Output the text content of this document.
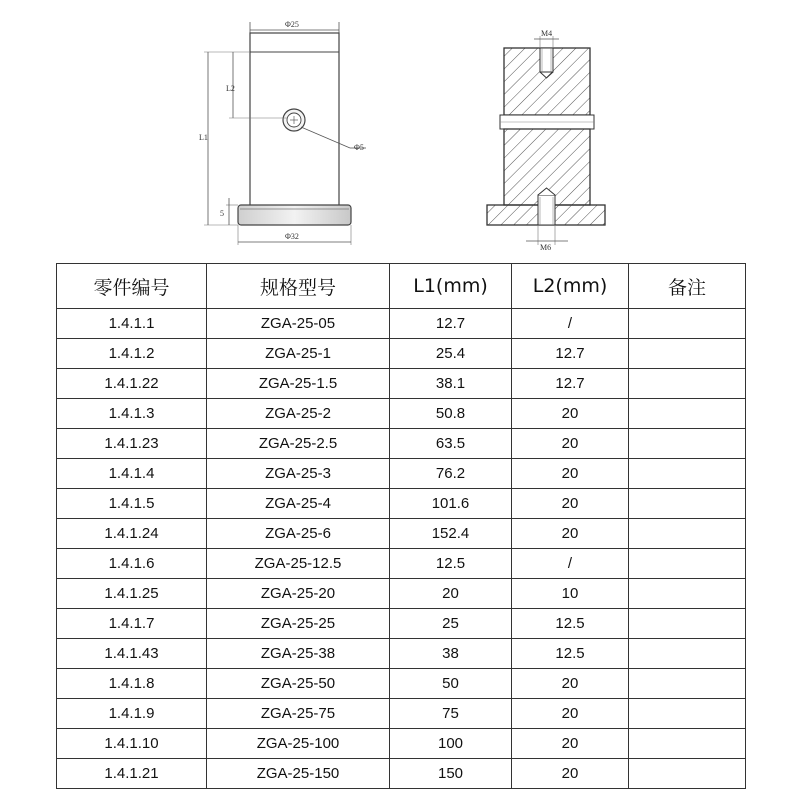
Φ25
Φ5
L1
L2
5
Φ32
M4
M6
零件编号	规格型号	L1(mm)	L2(mm)	备注
1.4.1.1	ZGA-25-05	12.7	/	
1.4.1.2	ZGA-25-1	25.4	12.7	
1.4.1.22	ZGA-25-1.5	38.1	12.7	
1.4.1.3	ZGA-25-2	50.8	20	
1.4.1.23	ZGA-25-2.5	63.5	20	
1.4.1.4	ZGA-25-3	76.2	20	
1.4.1.5	ZGA-25-4	101.6	20	
1.4.1.24	ZGA-25-6	152.4	20	
1.4.1.6	ZGA-25-12.5	12.5	/	
1.4.1.25	ZGA-25-20	20	10	
1.4.1.7	ZGA-25-25	25	12.5	
1.4.1.43	ZGA-25-38	38	12.5	
1.4.1.8	ZGA-25-50	50	20	
1.4.1.9	ZGA-25-75	75	20	
1.4.1.10	ZGA-25-100	100	20	
1.4.1.21	ZGA-25-150	150	20	
